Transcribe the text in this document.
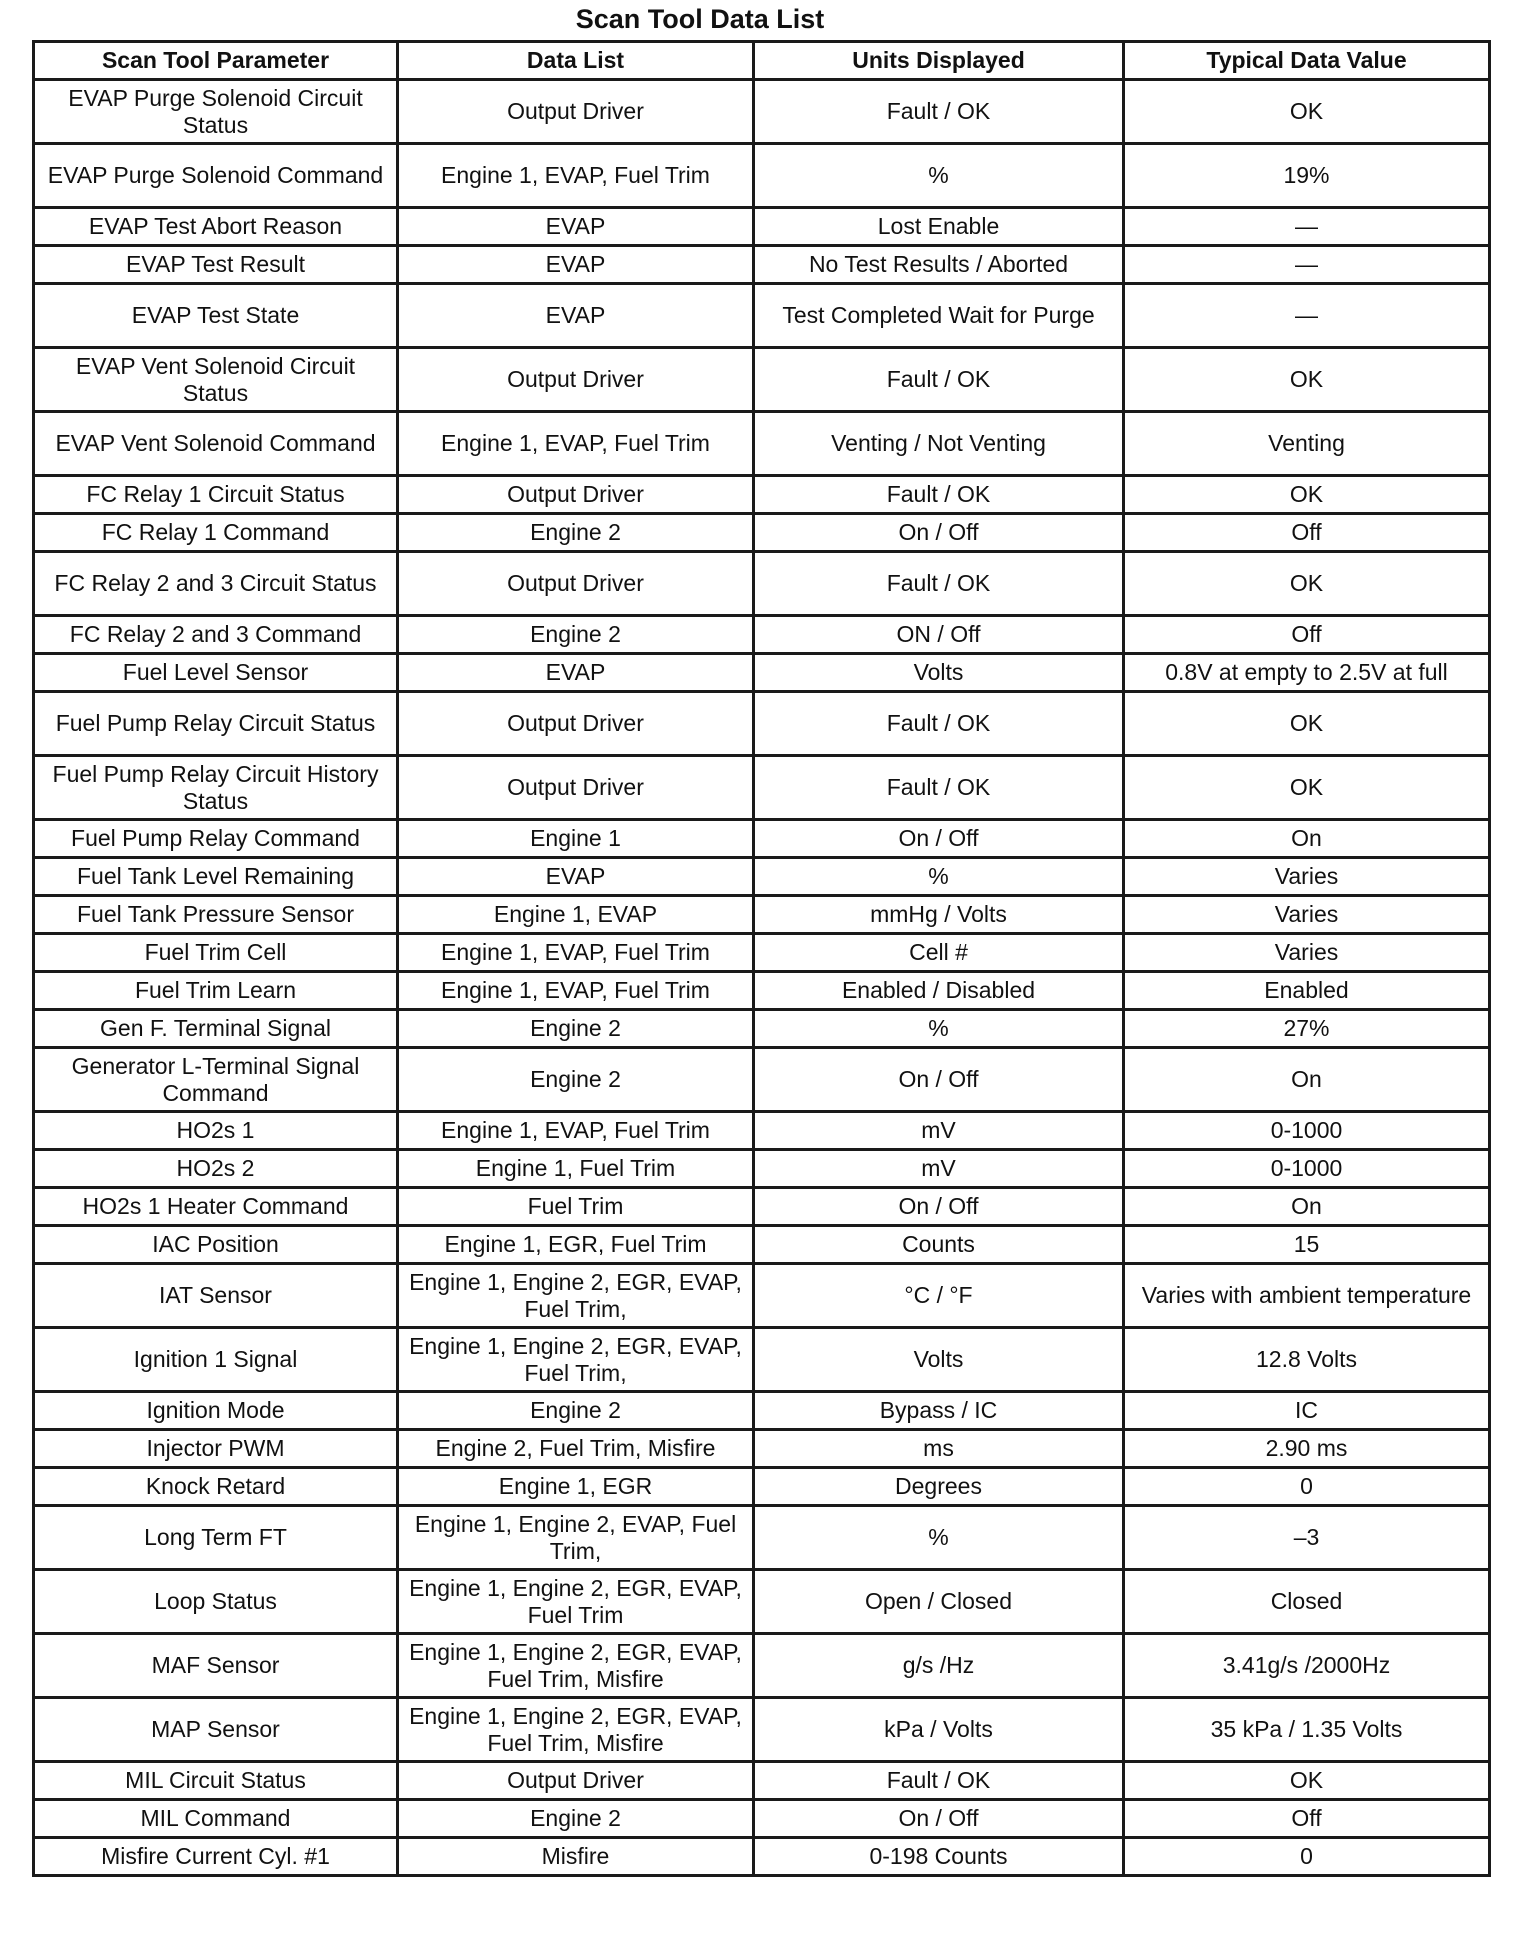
Scan Tool Data List
Scan Tool Parameter	Data List	Units Displayed	Typical Data Value
EVAP Purge Solenoid Circuit Status	Output Driver	Fault / OK	OK
EVAP Purge Solenoid Command	Engine 1, EVAP, Fuel Trim	%	19%
EVAP Test Abort Reason	EVAP	Lost Enable	—
EVAP Test Result	EVAP	No Test Results / Aborted	—
EVAP Test State	EVAP	Test Completed Wait for Purge	—
EVAP Vent Solenoid Circuit Status	Output Driver	Fault / OK	OK
EVAP Vent Solenoid Command	Engine 1, EVAP, Fuel Trim	Venting / Not Venting	Venting
FC Relay 1 Circuit Status	Output Driver	Fault / OK	OK
FC Relay 1 Command	Engine 2	On / Off	Off
FC Relay 2 and 3 Circuit Status	Output Driver	Fault / OK	OK
FC Relay 2 and 3 Command	Engine 2	ON / Off	Off
Fuel Level Sensor	EVAP	Volts	0.8V at empty to 2.5V at full
Fuel Pump Relay Circuit Status	Output Driver	Fault / OK	OK
Fuel Pump Relay Circuit History Status	Output Driver	Fault / OK	OK
Fuel Pump Relay Command	Engine 1	On / Off	On
Fuel Tank Level Remaining	EVAP	%	Varies
Fuel Tank Pressure Sensor	Engine 1, EVAP	mmHg / Volts	Varies
Fuel Trim Cell	Engine 1, EVAP, Fuel Trim	Cell #	Varies
Fuel Trim Learn	Engine 1, EVAP, Fuel Trim	Enabled / Disabled	Enabled
Gen F. Terminal Signal	Engine 2	%	27%
Generator L-Terminal Signal Command	Engine 2	On / Off	On
HO2s 1	Engine 1, EVAP, Fuel Trim	mV	0-1000
HO2s 2	Engine 1, Fuel Trim	mV	0-1000
HO2s 1 Heater Command	Fuel Trim	On / Off	On
IAC Position	Engine 1, EGR, Fuel Trim	Counts	15
IAT Sensor	Engine 1, Engine 2, EGR, EVAP, Fuel Trim,	°C / °F	Varies with ambient temperature
Ignition 1 Signal	Engine 1, Engine 2, EGR, EVAP, Fuel Trim,	Volts	12.8 Volts
Ignition Mode	Engine 2	Bypass / IC	IC
Injector PWM	Engine 2, Fuel Trim, Misfire	ms	2.90 ms
Knock Retard	Engine 1, EGR	Degrees	0
Long Term FT	Engine 1, Engine 2, EVAP, Fuel Trim,	%	–3
Loop Status	Engine 1, Engine 2, EGR, EVAP, Fuel Trim	Open / Closed	Closed
MAF Sensor	Engine 1, Engine 2, EGR, EVAP, Fuel Trim, Misfire	g/s /Hz	3.41g/s /2000Hz
MAP Sensor	Engine 1, Engine 2, EGR, EVAP, Fuel Trim, Misfire	kPa / Volts	35 kPa / 1.35 Volts
MIL Circuit Status	Output Driver	Fault / OK	OK
MIL Command	Engine 2	On / Off	Off
Misfire Current Cyl. #1	Misfire	0-198 Counts	0
